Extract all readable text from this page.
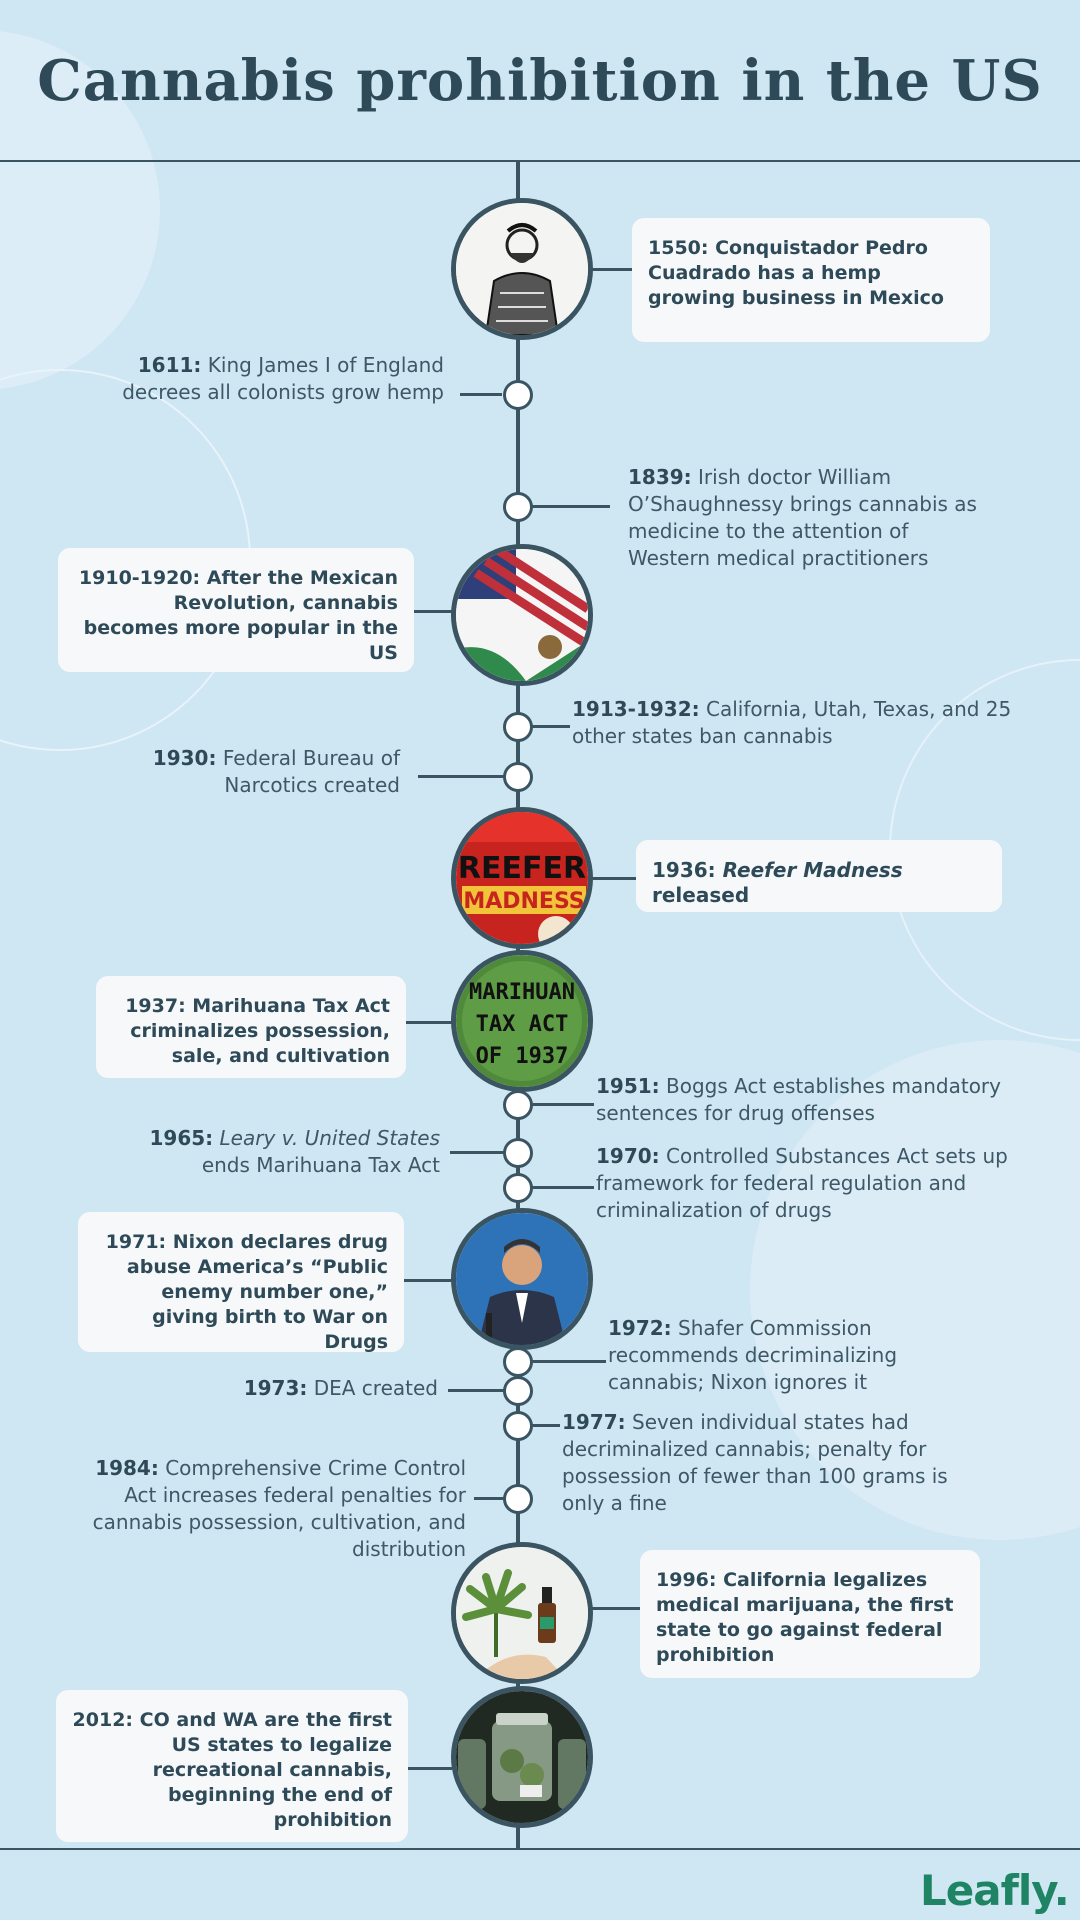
Cannabis prohibition in the US
REEFER
MADNESS
MARIHUAN
TAX ACT
OF 1937
1550: Conquistador Pedro Cuadrado has a hemp growing business in Mexico
1910-1920: After the Mexican Revolution, cannabis becomes more popular in the US
1936: Reefer Madness released
1937: Marihuana Tax Act criminalizes possession, sale, and cultivation
1971: Nixon declares drug abuse America’s “Public enemy number one,” giving birth to War on Drugs
1996: California legalizes medical marijuana, the first state to go against federal prohibition
2012: CO and WA are the first US states to legalize recreational cannabis, beginning the end of prohibition
1611: King James I of England decrees all colonists grow hemp
1839: Irish doctor William O’Shaughnessy brings cannabis as medicine to the attention of Western medical practitioners
1913-1932: California, Utah, Texas, and 25 other states ban cannabis
1930: Federal Bureau of Narcotics created
1951: Boggs Act establishes mandatory sentences for drug offenses
1965: Leary v. United States ends Marihuana Tax Act	1970: Controlled Substances Act sets up framework for federal regulation and criminalization of drugs
1972: Shafer Commission recommends decriminalizing cannabis; Nixon ignores it
1973: DEA created
1977: Seven individual states had decriminalized cannabis; penalty for possession of fewer than 100 grams is only a fine
1984: Comprehensive Crime Control Act increases federal penalties for cannabis possession, cultivation, and distribution
Leafly.
